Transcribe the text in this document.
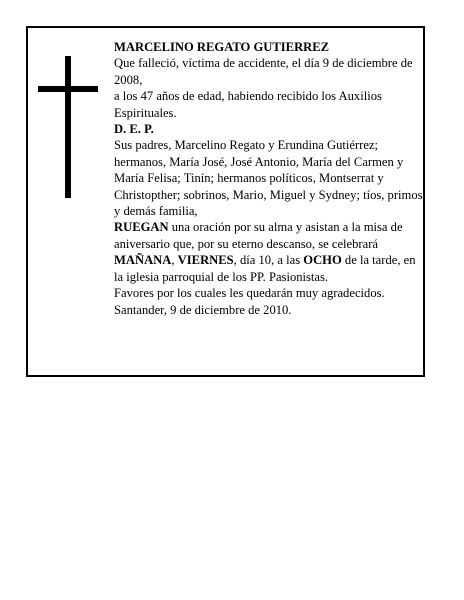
MARCELINO REGATO GUTIERREZ

Que falleció, víctima de accidente, el día 9 de diciembre de 2008,

a los 47 años de edad, habiendo recibido los Auxilios Espirituales.

D. E. P.

Sus padres, Marcelino Regato y Erundina Gutiérrez; hermanos, María José, José Antonio, María del Carmen y María Felisa; Tinín; hermanos políticos, Montserrat y Christopther; sobrinos, Mario, Miguel y Sydney; tíos, primos y demás familia,

RUEGAN una oración por su alma y asistan a la misa de aniversario que, por su eterno descanso, se celebrará MAÑANA, VIERNES, día 10, a las OCHO de la tarde, en la iglesia parroquial de los PP. Pasionistas.

Favores por los cuales les quedarán muy agradecidos.

Santander, 9 de diciembre de 2010.
